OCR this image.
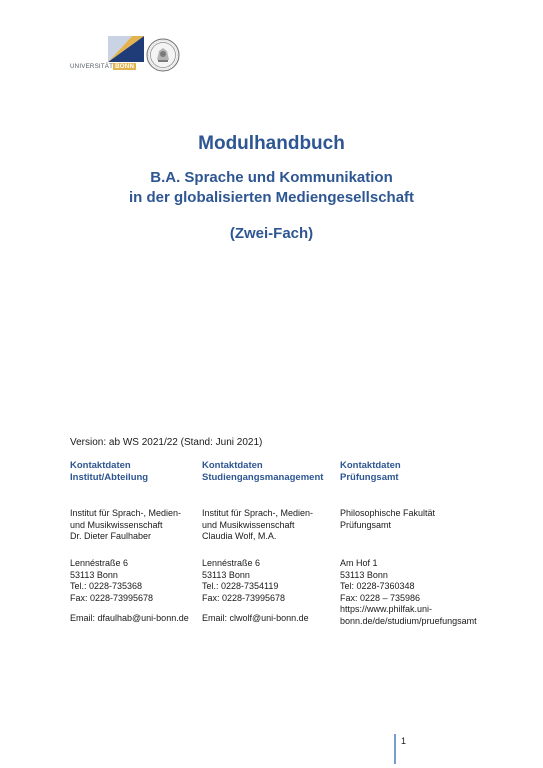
UNIVERSITÄT BONN
Modulhandbuch
B.A. Sprache und Kommunikation
in der globalisierten Mediengesellschaft
(Zwei-Fach)
Version: ab WS 2021/22 (Stand: Juni 2021)
Kontaktdaten
Institut/Abteilung
Institut für Sprach-, Medien-
und Musikwissenschaft
Dr. Dieter Faulhaber
Lennéstraße 6
53113 Bonn
Tel.: 0228-735368
Fax: 0228-73995678
Email: dfaulhab@uni-bonn.de
Kontaktdaten
Studiengangsmanagement
Institut für Sprach-, Medien-
und Musikwissenschaft
Claudia Wolf, M.A.
Lennéstraße 6
53113 Bonn
Tel.: 0228-7354119
Fax: 0228-73995678
Email: clwolf@uni-bonn.de
Kontaktdaten
Prüfungsamt
Philosophische Fakultät
Prüfungsamt
Am Hof 1
53113 Bonn
Tel: 0228-7360348
Fax: 0228 – 735986
https://www.philfak.uni-
bonn.de/de/studium/pruefungsamt
1
